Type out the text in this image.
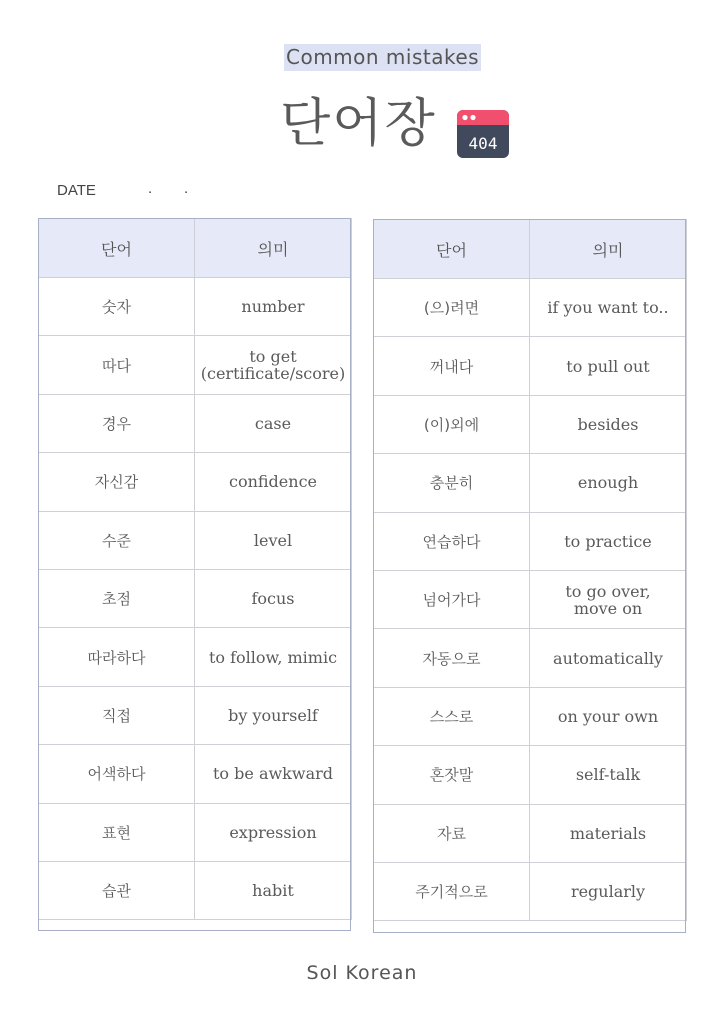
Common mistakes
단어장 404
DATE	. .
단어	의미
숫자	number
따다	to get
(certificate/score)
경우	case
자신감	confidence
수준	level
초점	focus
따라하다	to follow, mimic
직접	by yourself
어색하다	to be awkward
표현	expression
습관	habit
단어	의미
(으)려면	if you want to..
꺼내다	to pull out
(이)외에	besides
충분히	enough
연습하다	to practice
넘어가다	to go over,
move on
자동으로	automatically
스스로	on your own
혼잣말	self-talk
자료	materials
주기적으로	regularly
Sol Korean
